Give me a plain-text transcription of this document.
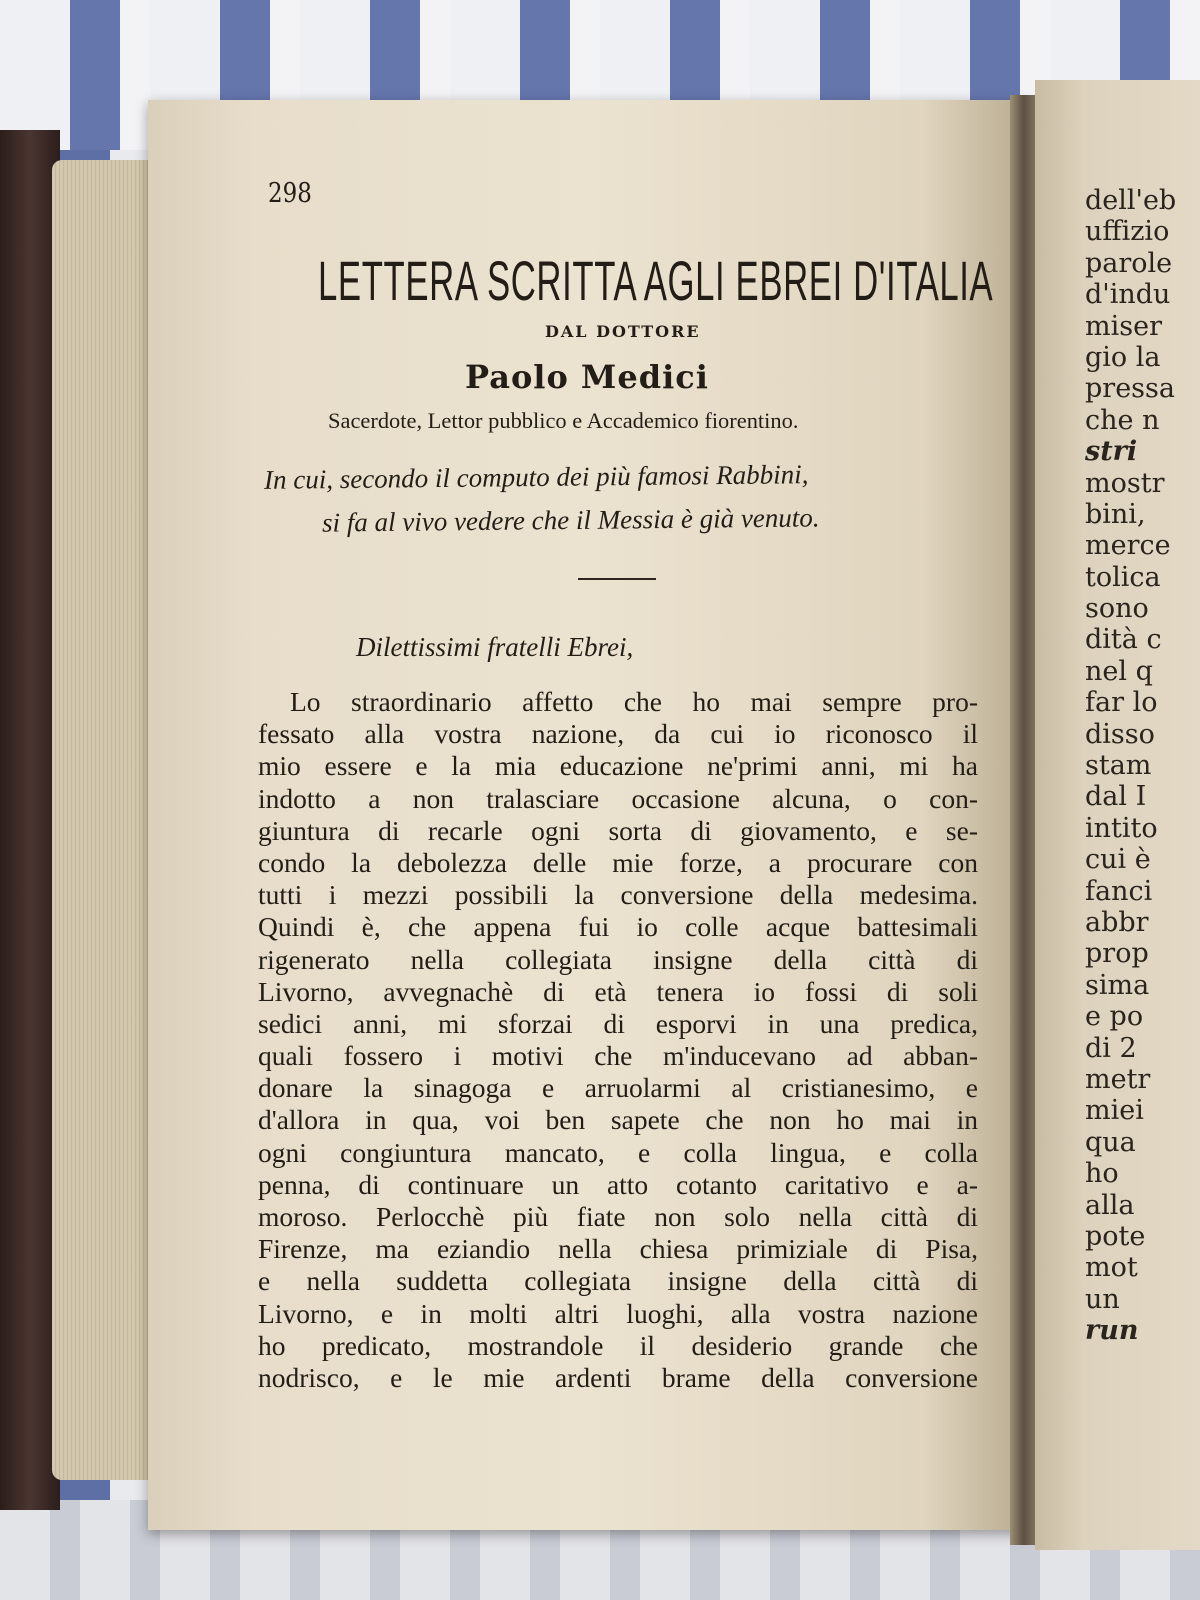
dell'eb
uffizio
parole
d'indu
miser
gio la
pressa
che n
stri
mostr
bini,
merce
tolica
sono
dità c
nel q
far lo
disso
stam
dal I
intito
cui è
fanci
abbr
prop
sima
e po
di 2
metr
miei
qua
ho
alla
pote
mot
un
run
298
LETTERA SCRITTA AGLI EBREI D'ITALIA
DAL DOTTORE
Paolo Medici
Sacerdote, Lettor pubblico e Accademico fiorentino.
In cui, secondo il computo dei più famosi Rabbini,
si fa al vivo vedere che il Messia è già venuto.
Dilettissimi fratelli Ebrei,
Lo straordinario affetto che ho mai sempre pro-
fessato alla vostra nazione, da cui io riconosco il
mio essere e la mia educazione ne'primi anni, mi ha
indotto a non tralasciare occasione alcuna, o con-
giuntura di recarle ogni sorta di giovamento, e se-
condo la debolezza delle mie forze, a procurare con
tutti i mezzi possibili la conversione della medesima.
Quindi è, che appena fui io colle acque battesimali
rigenerato nella collegiata insigne della città di
Livorno, avvegnachè di età tenera io fossi di soli
sedici anni, mi sforzai di esporvi in una predica,
quali fossero i motivi che m'inducevano ad abban-
donare la sinagoga e arruolarmi al cristianesimo, e
d'allora in qua, voi ben sapete che non ho mai in
ogni congiuntura mancato, e colla lingua, e colla
penna, di continuare un atto cotanto caritativo e a-
moroso. Perlocchè più fiate non solo nella città di
Firenze, ma eziandio nella chiesa primiziale di Pisa,
e nella suddetta collegiata insigne della città di
Livorno, e in molti altri luoghi, alla vostra nazione
ho predicato, mostrandole il desiderio grande che
nodrisco, e le mie ardenti brame della conversione
